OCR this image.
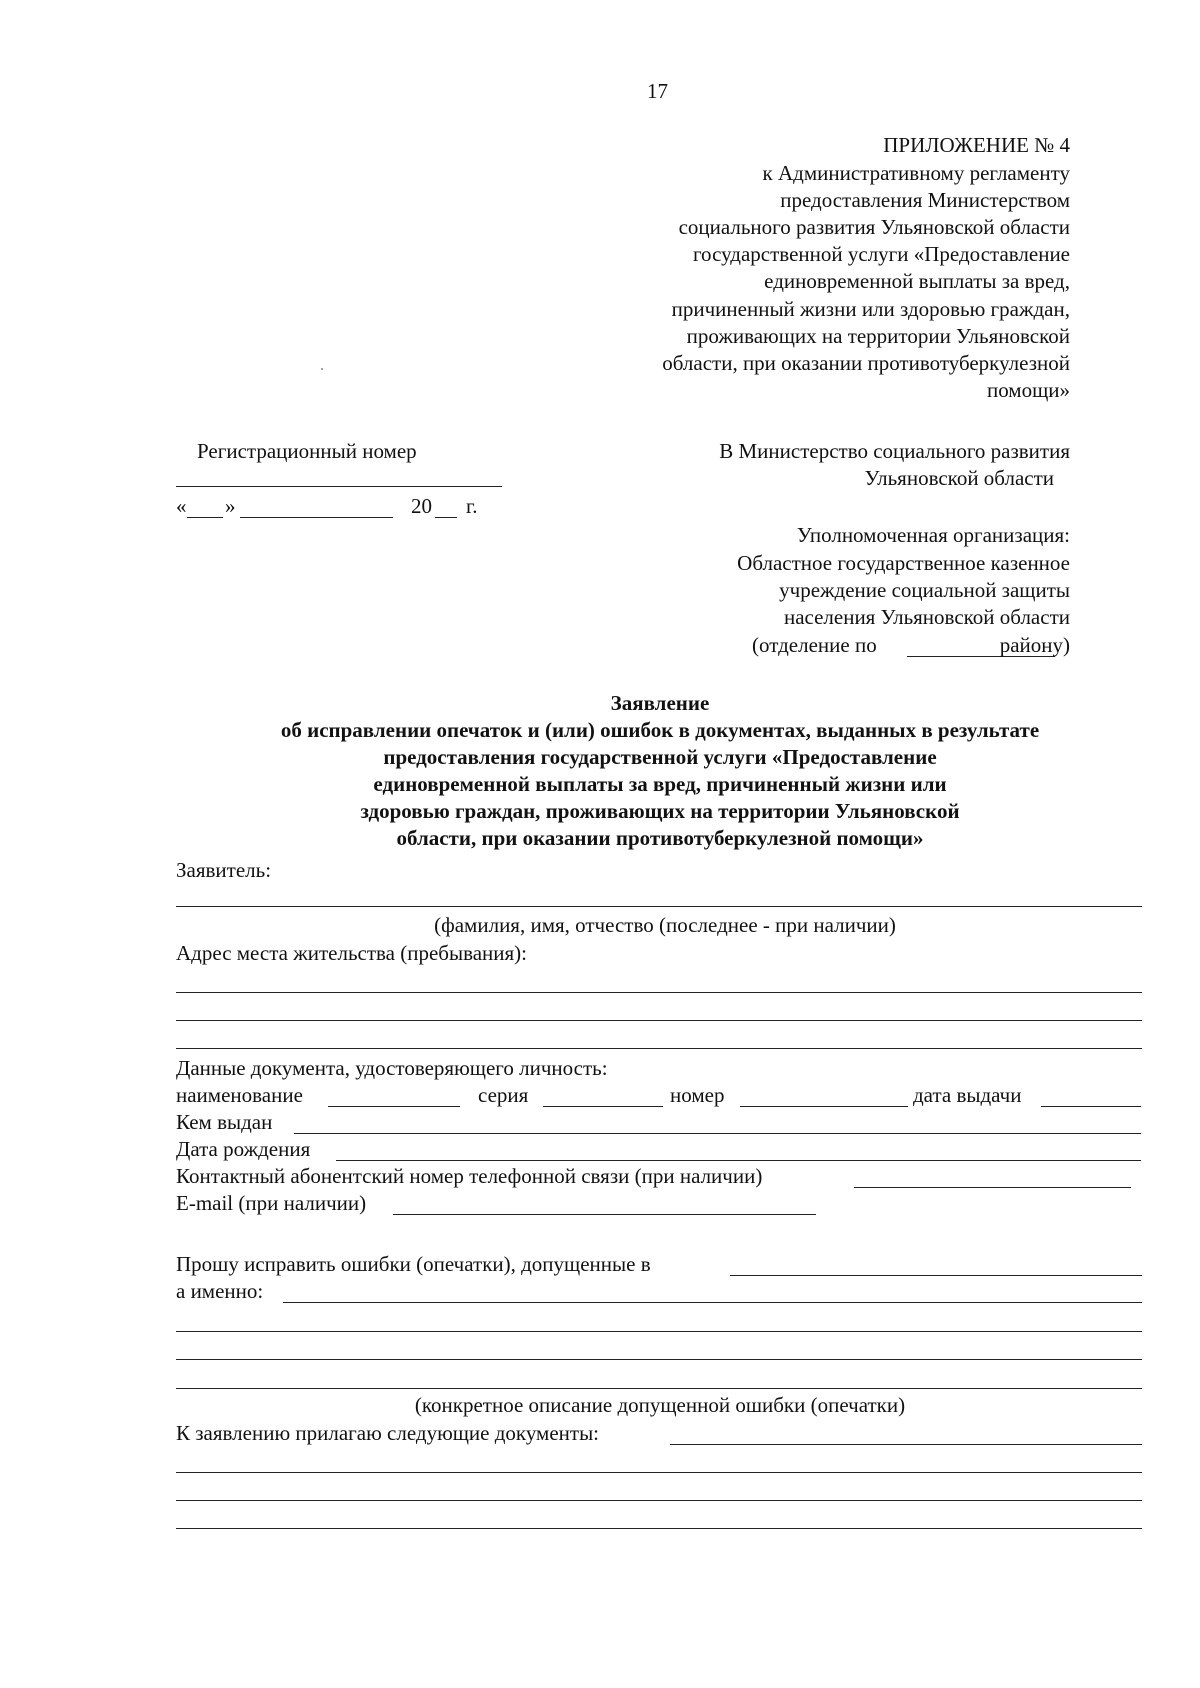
17
ПРИЛОЖЕНИЕ № 4
к Административному регламенту
предоставления Министерством
социального развития Ульяновской области
государственной услуги «Предоставление
единовременной выплаты за вред,
причиненный жизни или здоровью граждан,
проживающих на территории Ульяновской
области, при оказании противотуберкулезной
помощи»
Регистрационный номер
« »	20 г.
В Министерство социального развития
Ульяновской области
Уполномоченная организация:
Областное государственное казенное
учреждение социальной защиты
населения Ульяновской области
(отделение по	району)
Заявление
об исправлении опечаток и (или) ошибок в документах, выданных в результате
предоставления государственной услуги «Предоставление
единовременной выплаты за вред, причиненный жизни или
здоровью граждан, проживающих на территории Ульяновской
области, при оказании противотуберкулезной помощи»
Заявитель:
(фамилия, имя, отчество (последнее - при наличии)
Адрес места жительства (пребывания):
Данные документа, удостоверяющего личность:
наименование	серия	номер	дата выдачи
Кем выдан
Дата рождения
Контактный абонентский номер телефонной связи (при наличии)
E-mail (при наличии)
Прошу исправить ошибки (опечатки), допущенные в
а именно:
(конкретное описание допущенной ошибки (опечатки)
К заявлению прилагаю следующие документы:
